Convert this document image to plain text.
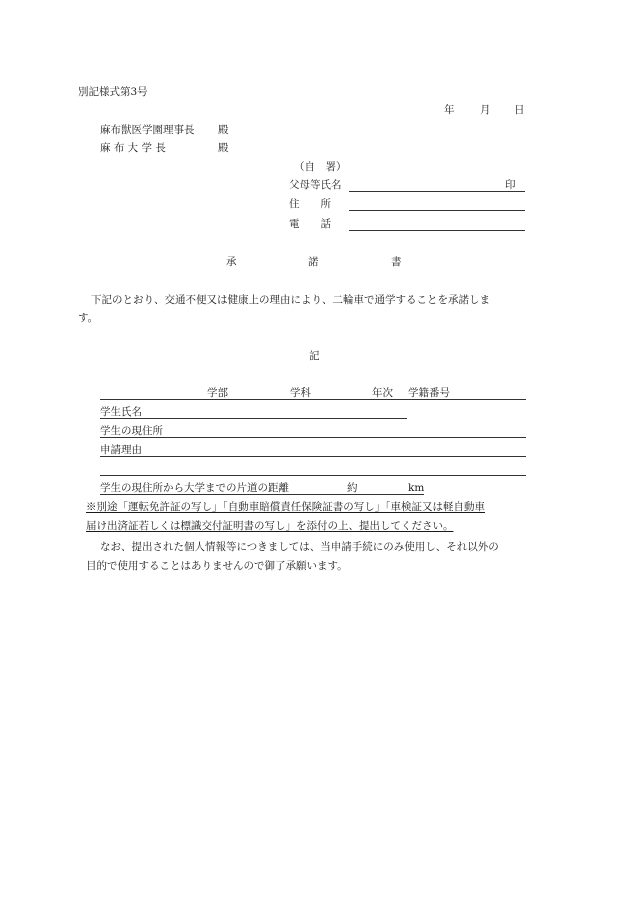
別記様式第3号
年 月 日
麻布獣医学園理事長 殿
麻 布 大 学 長	殿
（自　署）
父母等氏名	印
住　　所
電　　話
承	諾	書
下記のとおり、交通不便又は健康上の理由により、二輪車で通学することを承諾しま
す。
記
学部	学科	年次 学籍番号
学生氏名
学生の現住所
申請理由
学生の現住所から大学までの片道の距離	約	km
※別途「運転免許証の写し」「自動車賠償責任保険証書の写し」「車検証又は軽自動車
届け出済証若しくは標識交付証明書の写し」を添付の上、提出してください。
なお、提出された個人情報等につきましては、当申請手続にのみ使用し、それ以外の
目的で使用することはありませんので御了承願います。
